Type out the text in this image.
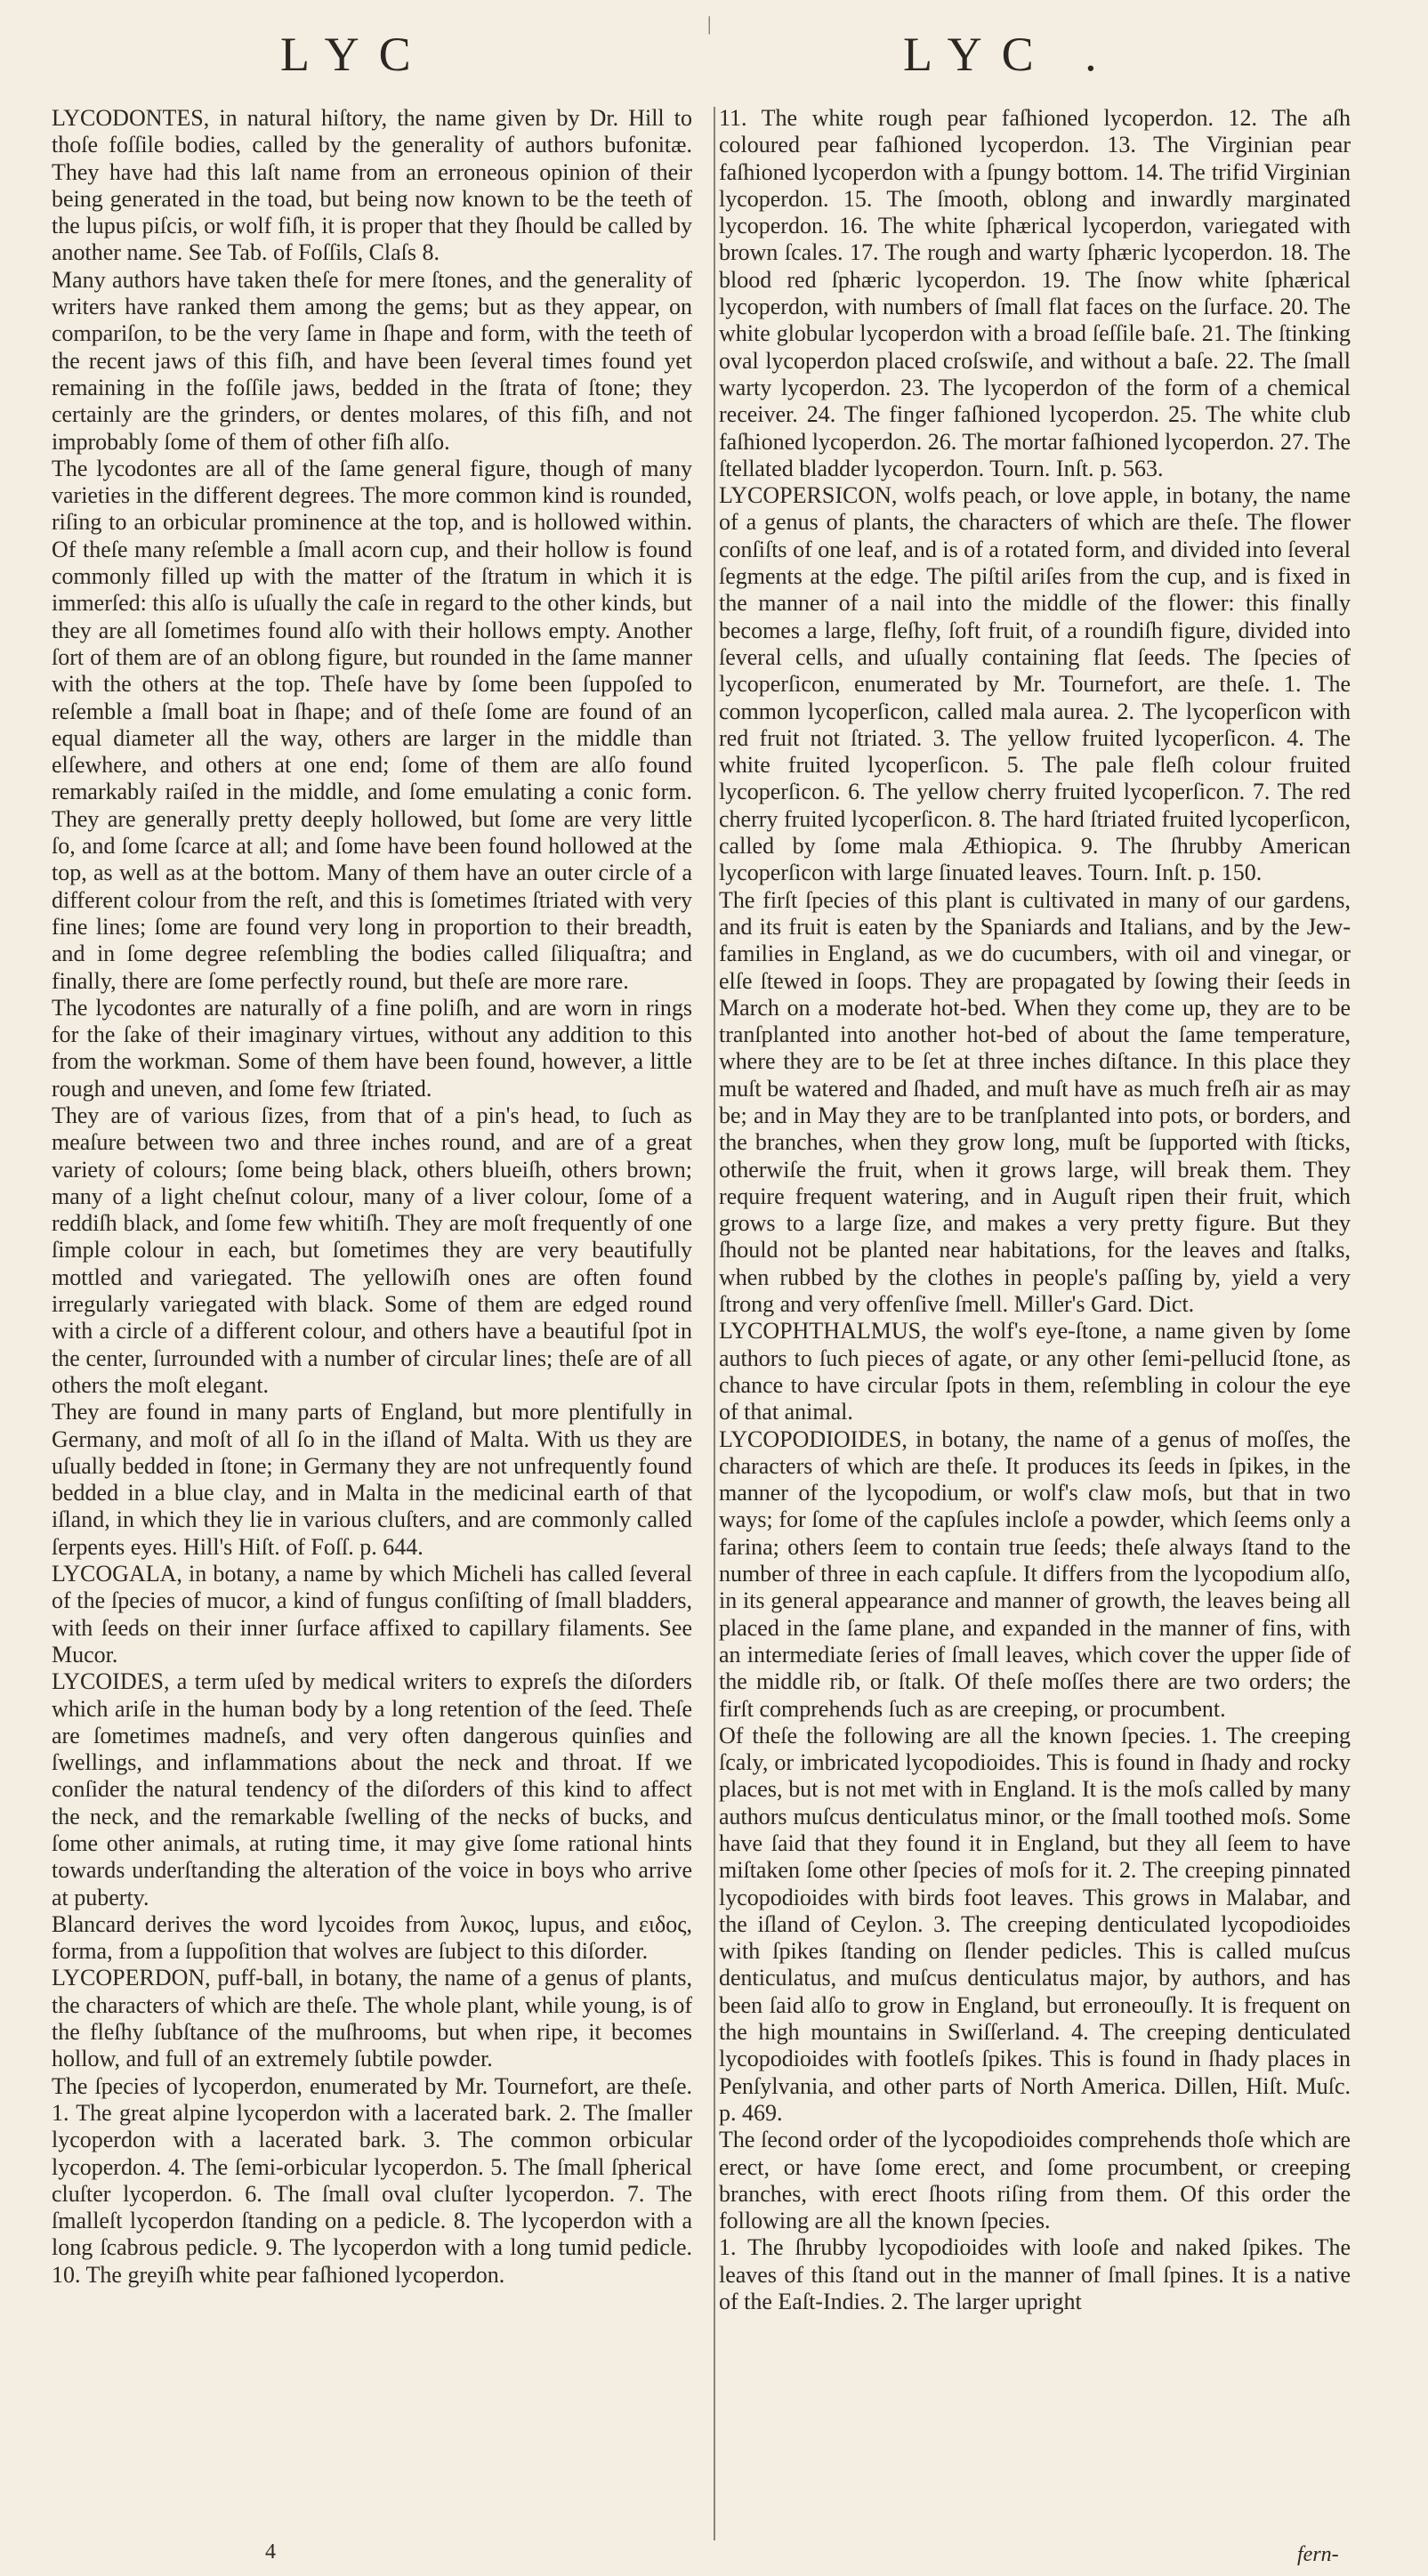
|
LYC	LYC .

LYCODONTES, in natural hiſtory, the name given by Dr. Hill to thoſe foſſile bodies, called by the generality of authors bufonitæ. They have had this laſt name from an erroneous opinion of their being generated in the toad, but being now known to be the teeth of the lupus piſcis, or wolf fiſh, it is proper that they ſhould be called by another name. See Tab. of Foſſils, Claſs 8.

Many authors have taken theſe for mere ſtones, and the generality of writers have ranked them among the gems; but as they appear, on compariſon, to be the very ſame in ſhape and form, with the teeth of the recent jaws of this fiſh, and have been ſeveral times found yet remaining in the foſſile jaws, bedded in the ſtrata of ſtone; they certainly are the grinders, or dentes molares, of this fiſh, and not improbably ſome of them of other fiſh alſo.

The lycodontes are all of the ſame general figure, though of many varieties in the different degrees. The more common kind is rounded, riſing to an orbicular prominence at the top, and is hollowed within. Of theſe many reſemble a ſmall acorn cup, and their hollow is found commonly filled up with the matter of the ſtratum in which it is immerſed: this alſo is uſually the caſe in regard to the other kinds, but they are all ſometimes found alſo with their hollows empty. Another ſort of them are of an oblong figure, but rounded in the ſame manner with the others at the top. Theſe have by ſome been ſuppoſed to reſemble a ſmall boat in ſhape; and of theſe ſome are found of an equal diameter all the way, others are larger in the middle than elſewhere, and others at one end; ſome of them are alſo found remarkably raiſed in the middle, and ſome emulating a conic form. They are generally pretty deeply hollowed, but ſome are very little ſo, and ſome ſcarce at all; and ſome have been found hollowed at the top, as well as at the bottom. Many of them have an outer circle of a different colour from the reſt, and this is ſometimes ſtriated with very fine lines; ſome are found very long in proportion to their breadth, and in ſome degree reſembling the bodies called ſiliquaſtra; and finally, there are ſome perfectly round, but theſe are more rare.

The lycodontes are naturally of a fine poliſh, and are worn in rings for the ſake of their imaginary virtues, without any addition to this from the workman. Some of them have been found, however, a little rough and uneven, and ſome few ſtriated.

They are of various ſizes, from that of a pin's head, to ſuch as meaſure between two and three inches round, and are of a great variety of colours; ſome being black, others blueiſh, others brown; many of a light cheſnut colour, many of a liver colour, ſome of a reddiſh black, and ſome few whitiſh. They are moſt frequently of one ſimple colour in each, but ſometimes they are very beautifully mottled and variegated. The yellowiſh ones are often found irregularly variegated with black. Some of them are edged round with a circle of a different colour, and others have a beautiful ſpot in the center, ſurrounded with a number of circular lines; theſe are of all others the moſt elegant.

They are found in many parts of England, but more plentifully in Germany, and moſt of all ſo in the iſland of Malta. With us they are uſually bedded in ſtone; in Germany they are not unfrequently found bedded in a blue clay, and in Malta in the medicinal earth of that iſland, in which they lie in various cluſters, and are commonly called ſerpents eyes. Hill's Hiſt. of Foſſ. p. 644.

LYCOGALA, in botany, a name by which Micheli has called ſeveral of the ſpecies of mucor, a kind of fungus conſiſting of ſmall bladders, with ſeeds on their inner ſurface affixed to capillary filaments. See Mucor.

LYCOIDES, a term uſed by medical writers to expreſs the diſorders which ariſe in the human body by a long retention of the ſeed. Theſe are ſometimes madneſs, and very often dangerous quinſies and ſwellings, and inflammations about the neck and throat. If we conſider the natural tendency of the diſorders of this kind to affect the neck, and the remarkable ſwelling of the necks of bucks, and ſome other animals, at ruting time, it may give ſome rational hints towards underſtanding the alteration of the voice in boys who arrive at puberty.

Blancard derives the word lycoides from λυκος, lupus, and ειδος, forma, from a ſuppoſition that wolves are ſubject to this diſorder.

LYCOPERDON, puff-ball, in botany, the name of a genus of plants, the characters of which are theſe. The whole plant, while young, is of the fleſhy ſubſtance of the muſhrooms, but when ripe, it becomes hollow, and full of an extremely ſubtile powder.

The ſpecies of lycoperdon, enumerated by Mr. Tournefort, are theſe. 1. The great alpine lycoperdon with a lacerated bark. 2. The ſmaller lycoperdon with a lacerated bark. 3. The common orbicular lycoperdon. 4. The ſemi-orbicular lycoperdon. 5. The ſmall ſpherical cluſter lycoperdon. 6. The ſmall oval cluſter lycoperdon. 7. The ſmalleſt lycoperdon ſtanding on a pedicle. 8. The lycoperdon with a long ſcabrous pedicle. 9. The lycoperdon with a long tumid pedicle. 10. The greyiſh white pear faſhioned lycoperdon.

11. The white rough pear faſhioned lycoperdon. 12. The aſh coloured pear faſhioned lycoperdon. 13. The Virginian pear faſhioned lycoperdon with a ſpungy bottom. 14. The trifid Virginian lycoperdon. 15. The ſmooth, oblong and inwardly marginated lycoperdon. 16. The white ſphærical lycoperdon, variegated with brown ſcales. 17. The rough and warty ſphæric lycoperdon. 18. The blood red ſphæric lycoperdon. 19. The ſnow white ſphærical lycoperdon, with numbers of ſmall flat faces on the ſurface. 20. The white globular lycoperdon with a broad ſeſſile baſe. 21. The ſtinking oval lycoperdon placed croſswiſe, and without a baſe. 22. The ſmall warty lycoperdon. 23. The lycoperdon of the form of a chemical receiver. 24. The finger faſhioned lycoperdon. 25. The white club faſhioned lycoperdon. 26. The mortar faſhioned lycoperdon. 27. The ſtellated bladder lycoperdon. Tourn. Inſt. p. 563.

LYCOPERSICON, wolfs peach, or love apple, in botany, the name of a genus of plants, the characters of which are theſe. The flower conſiſts of one leaf, and is of a rotated form, and divided into ſeveral ſegments at the edge. The piſtil ariſes from the cup, and is fixed in the manner of a nail into the middle of the flower: this finally becomes a large, fleſhy, ſoft fruit, of a roundiſh figure, divided into ſeveral cells, and uſually containing flat ſeeds. The ſpecies of lycoperſicon, enumerated by Mr. Tournefort, are theſe. 1. The common lycoperſicon, called mala aurea. 2. The lycoperſicon with red fruit not ſtriated. 3. The yellow fruited lycoperſicon. 4. The white fruited lycoperſicon. 5. The pale fleſh colour fruited lycoperſicon. 6. The yellow cherry fruited lycoperſicon. 7. The red cherry fruited lycoperſicon. 8. The hard ſtriated fruited lycoperſicon, called by ſome mala Æthiopica. 9. The ſhrubby American lycoperſicon with large ſinuated leaves. Tourn. Inſt. p. 150.

The firſt ſpecies of this plant is cultivated in many of our gardens, and its fruit is eaten by the Spaniards and Italians, and by the Jew-families in England, as we do cucumbers, with oil and vinegar, or elſe ſtewed in ſoops. They are propagated by ſowing their ſeeds in March on a moderate hot-bed. When they come up, they are to be tranſplanted into another hot-bed of about the ſame temperature, where they are to be ſet at three inches diſtance. In this place they muſt be watered and ſhaded, and muſt have as much freſh air as may be; and in May they are to be tranſplanted into pots, or borders, and the branches, when they grow long, muſt be ſupported with ſticks, otherwiſe the fruit, when it grows large, will break them. They require frequent watering, and in Auguſt ripen their fruit, which grows to a large ſize, and makes a very pretty figure. But they ſhould not be planted near habitations, for the leaves and ſtalks, when rubbed by the clothes in people's paſſing by, yield a very ſtrong and very offenſive ſmell. Miller's Gard. Dict.

LYCOPHTHALMUS, the wolf's eye-ſtone, a name given by ſome authors to ſuch pieces of agate, or any other ſemi-pellucid ſtone, as chance to have circular ſpots in them, reſembling in colour the eye of that animal.

LYCOPODIOIDES, in botany, the name of a genus of moſſes, the characters of which are theſe. It produces its ſeeds in ſpikes, in the manner of the lycopodium, or wolf's claw moſs, but that in two ways; for ſome of the capſules incloſe a powder, which ſeems only a farina; others ſeem to contain true ſeeds; theſe always ſtand to the number of three in each capſule. It differs from the lycopodium alſo, in its general appearance and manner of growth, the leaves being all placed in the ſame plane, and expanded in the manner of fins, with an intermediate ſeries of ſmall leaves, which cover the upper ſide of the middle rib, or ſtalk. Of theſe moſſes there are two orders; the firſt comprehends ſuch as are creeping, or procumbent.

Of theſe the following are all the known ſpecies. 1. The creeping ſcaly, or imbricated lycopodioides. This is found in ſhady and rocky places, but is not met with in England. It is the moſs called by many authors muſcus denticulatus minor, or the ſmall toothed moſs. Some have ſaid that they found it in England, but they all ſeem to have miſtaken ſome other ſpecies of moſs for it. 2. The creeping pinnated lycopodioides with birds foot leaves. This grows in Malabar, and the iſland of Ceylon. 3. The creeping denticulated lycopodioides with ſpikes ſtanding on ſlender pedicles. This is called muſcus denticulatus, and muſcus denticulatus major, by authors, and has been ſaid alſo to grow in England, but erroneouſly. It is frequent on the high mountains in Swiſſerland. 4. The creeping denticulated lycopodioides with footleſs ſpikes. This is found in ſhady places in Penſylvania, and other parts of North America. Dillen, Hiſt. Muſc. p. 469.

The ſecond order of the lycopodioides comprehends thoſe which are erect, or have ſome erect, and ſome procumbent, or creeping branches, with erect ſhoots riſing from them. Of this order the following are all the known ſpecies.

1. The ſhrubby lycopodioides with looſe and naked ſpikes. The leaves of this ſtand out in the manner of ſmall ſpines. It is a native of the Eaſt-Indies. 2. The larger upright

4	fern-
